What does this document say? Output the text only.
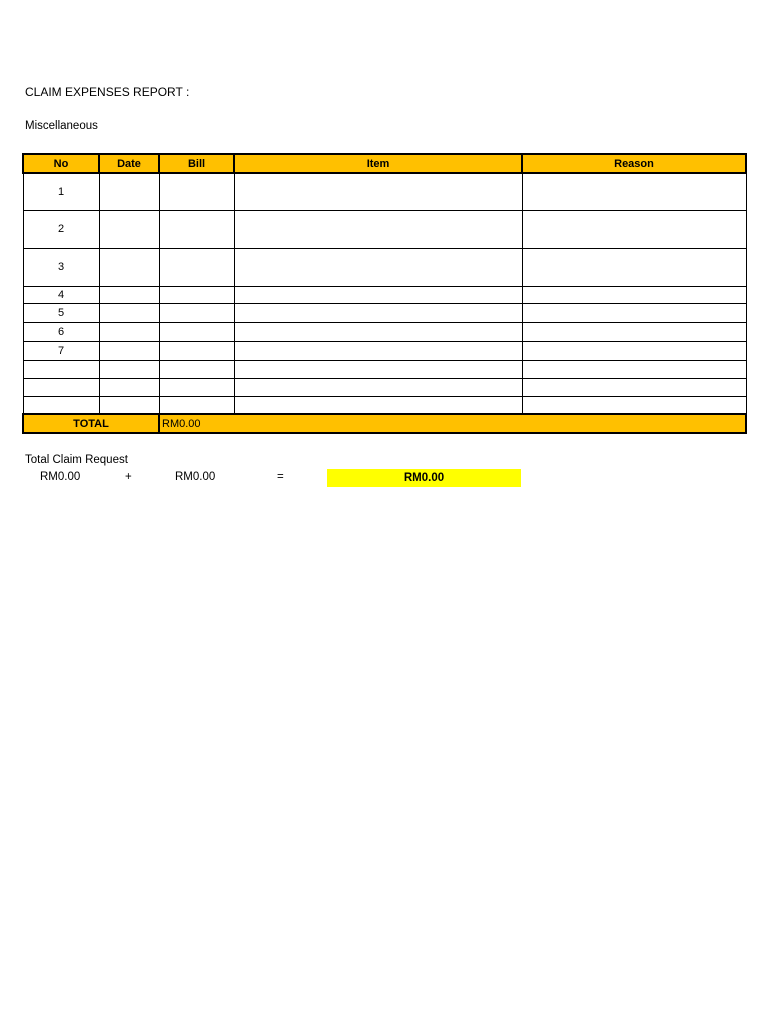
CLAIM EXPENSES REPORT :
Miscellaneous
No	Date	Bill	Item	Reason
1				
2				
3				
4				
5				
6				
7				

TOTAL		RM0.00		
Total Claim Request
RM0.00	+	RM0.00	=	RM0.00
